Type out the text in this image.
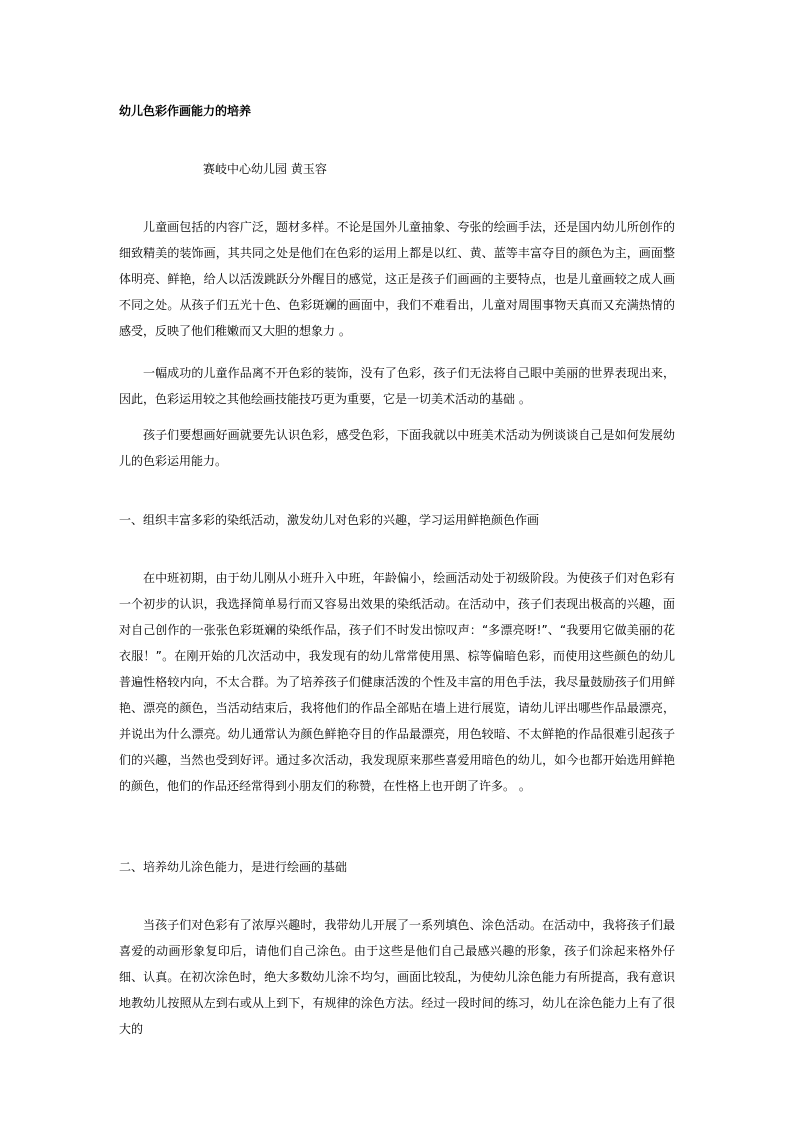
幼儿色彩作画能力的培养
赛岐中心幼儿园 黄玉容

儿童画包括的内容广泛，题材多样。不论是国外儿童抽象、夸张的绘画手法，还是国内幼儿所创作的细致精美的装饰画，其共同之处是他们在色彩的运用上都是以红、黄、蓝等丰富夺目的颜色为主，画面整体明亮、鲜艳，给人以活泼跳跃分外醒目的感觉，这正是孩子们画画的主要特点，也是儿童画较之成人画不同之处。从孩子们五光十色、色彩斑斓的画面中，我们不难看出，儿童对周围事物天真而又充满热情的感受，反映了他们稚嫩而又大胆的想象力 。

一幅成功的儿童作品离不开色彩的装饰，没有了色彩，孩子们无法将自己眼中美丽的世界表现出来，因此，色彩运用较之其他绘画技能技巧更为重要，它是一切美术活动的基础 。

孩子们要想画好画就要先认识色彩，感受色彩，下面我就以中班美术活动为例谈谈自己是如何发展幼儿的色彩运用能力。

一、组织丰富多彩的染纸活动，激发幼儿对色彩的兴趣，学习运用鲜艳颜色作画

在中班初期，由于幼儿刚从小班升入中班，年龄偏小，绘画活动处于初级阶段。为使孩子们对色彩有一个初步的认识，我选择简单易行而又容易出效果的染纸活动。在活动中，孩子们表现出极高的兴趣，面对自己创作的一张张色彩斑斓的染纸作品，孩子们不时发出惊叹声：“多漂亮呀!”、“我要用它做美丽的花衣服！”。在刚开始的几次活动中，我发现有的幼儿常常使用黑、棕等偏暗色彩，而使用这些颜色的幼儿普遍性格较内向，不太合群。为了培养孩子们健康活泼的个性及丰富的用色手法，我尽量鼓励孩子们用鲜艳、漂亮的颜色，当活动结束后，我将他们的作品全部贴在墙上进行展览，请幼儿评出哪些作品最漂亮，并说出为什么漂亮。幼儿通常认为颜色鲜艳夺目的作品最漂亮，用色较暗、不太鲜艳的作品很难引起孩子们的兴趣，当然也受到好评。通过多次活动，我发现原来那些喜爱用暗色的幼儿，如今也都开始选用鲜艳的颜色，他们的作品还经常得到小朋友们的称赞，在性格上也开朗了许多。 。

二、培养幼儿涂色能力，是进行绘画的基础

当孩子们对色彩有了浓厚兴趣时，我带幼儿开展了一系列填色、涂色活动。在活动中，我将孩子们最喜爱的动画形象复印后，请他们自己涂色。由于这些是他们自己最感兴趣的形象，孩子们涂起来格外仔细、认真。在初次涂色时，绝大多数幼儿涂不均匀，画面比较乱，为使幼儿涂色能力有所提高，我有意识地教幼儿按照从左到右或从上到下，有规律的涂色方法。经过一段时间的练习，幼儿在涂色能力上有了很大的
